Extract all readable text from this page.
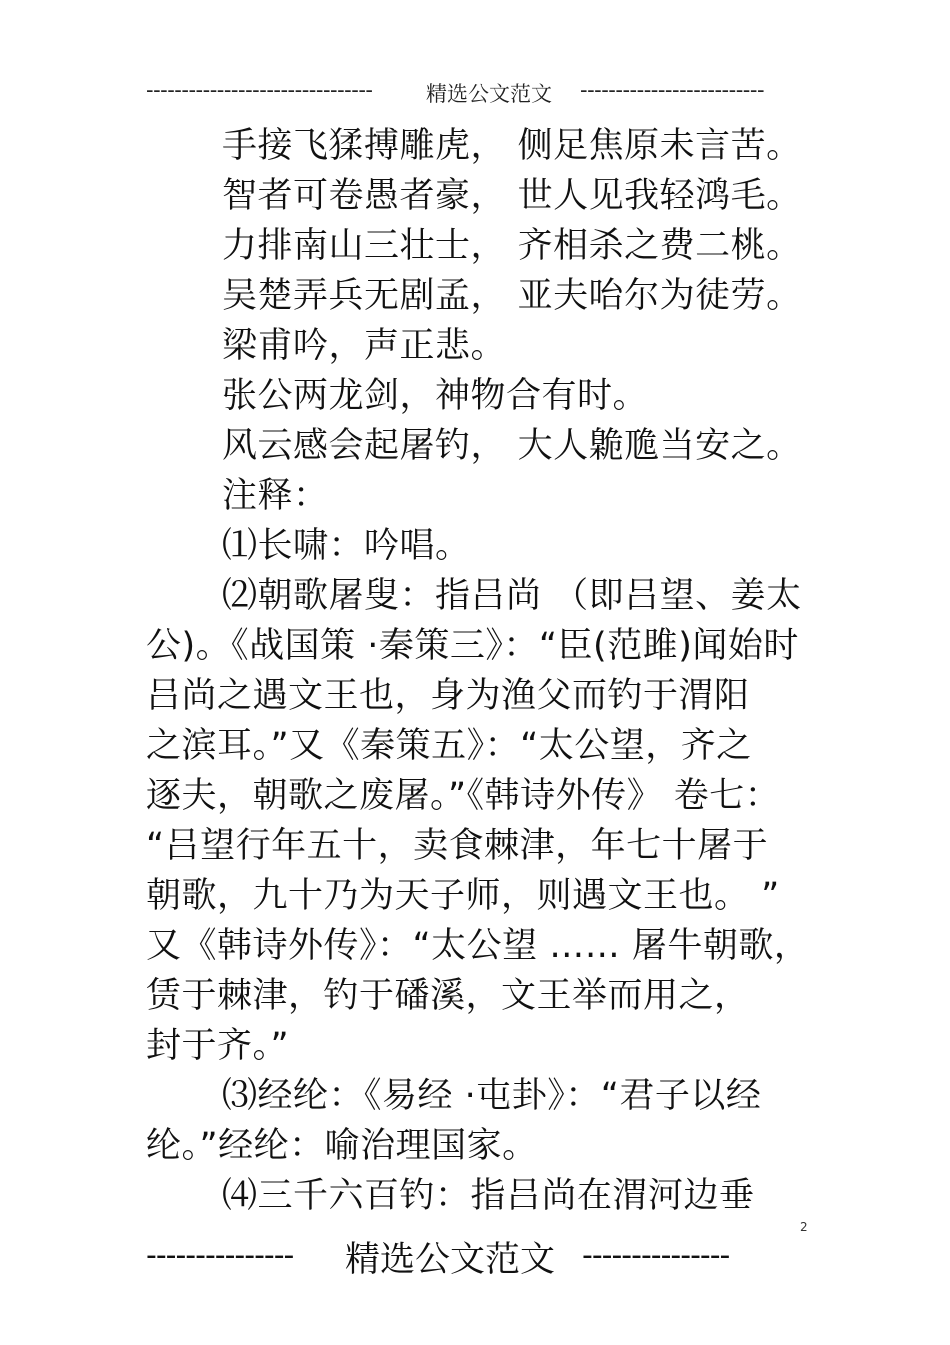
--------------------------------	精选公文范文 --------------------------
手接飞猱搏雕虎， 侧足焦原未言苦。
智者可卷愚者豪， 世人见我轻鸿毛。
力排南山三壮士， 齐相杀之费二桃。
吴楚弄兵无剧孟， 亚夫咍尔为徒劳。
梁甫吟，声正悲。
张公两龙剑，神物合有时。
风云感会起屠钓， 大人臲卼当安之。
注释：
⑴长啸：吟唱。
⑵朝歌屠叟：指吕尚 （即吕望、姜太
公)。《战国策 ·秦策三》：“臣(范雎)闻始时
吕尚之遇文王也，身为渔父而钓于渭阳
之滨耳。”又《秦策五》：“太公望，齐之
逐夫，朝歌之废屠。”《韩诗外传》 卷七：
“吕望行年五十，卖食棘津，年七十屠于
朝歌，九十乃为天子师，则遇文王也。 ”
又《韩诗外传》：“太公望 …… 屠牛朝歌，
赁于棘津，钓于磻溪，文王举而用之，
封于齐。”
⑶经纶：《易经 ·屯卦》：“君子以经
纶。”经纶：喻治理国家。
⑷三千六百钓：指吕尚在渭河边垂
2
--------------- 精选公文范文 ---------------
